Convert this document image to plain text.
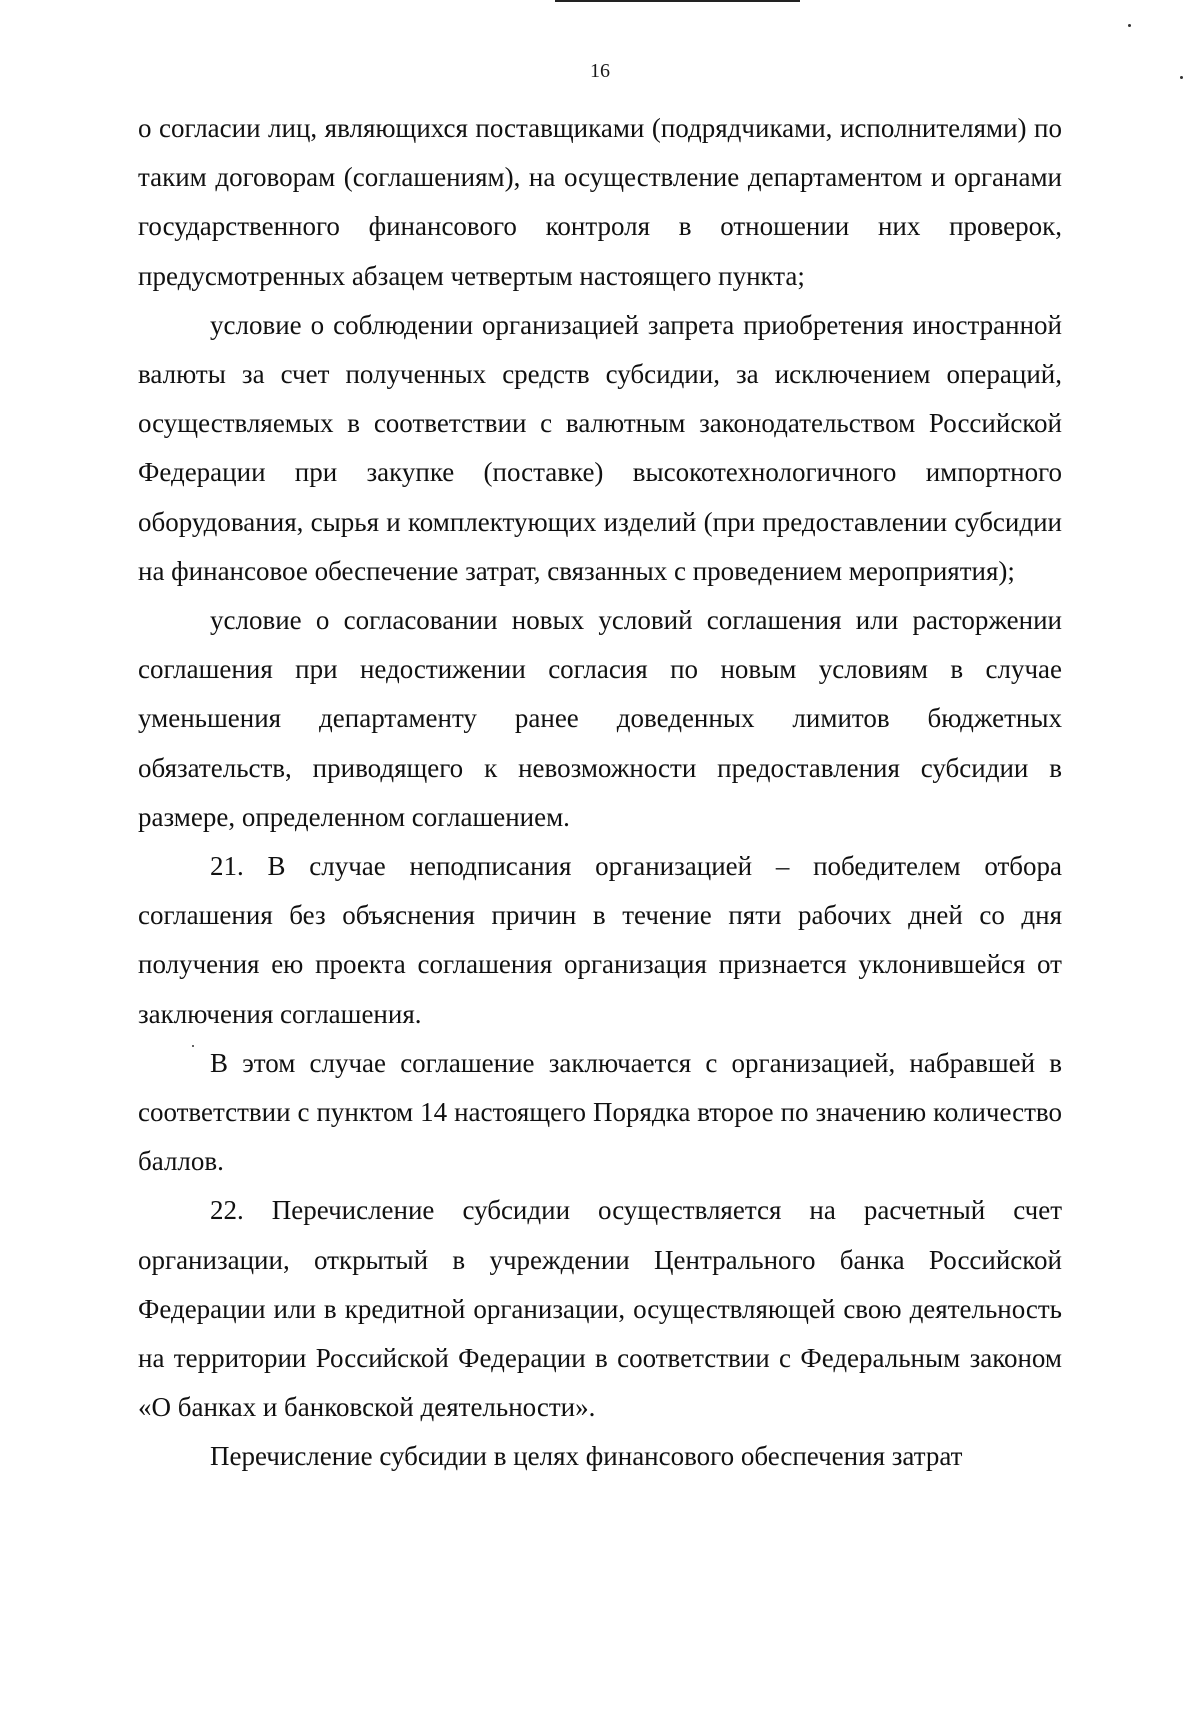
16

о согласии лиц, являющихся поставщиками (подрядчиками, исполнителями) по таким договорам (соглашениям), на осуществление департаментом и органами государственного финансового контроля в отношении них проверок, предусмотренных абзацем четвертым настоящего пункта;

условие о соблюдении организацией запрета приобретения иностранной валюты за счет полученных средств субсидии, за исключением операций, осуществляемых в соответствии с валютным законодательством Российской Федерации при закупке (поставке) высокотехнологичного импортного оборудования, сырья и комплектующих изделий (при предоставлении субсидии на финансовое обеспечение затрат, связанных с проведением мероприятия);

условие о согласовании новых условий соглашения или расторжении соглашения при недостижении согласия по новым условиям в случае уменьшения департаменту ранее доведенных лимитов бюджетных обязательств, приводящего к невозможности предоставления субсидии в размере, определенном соглашением.

21. В случае неподписания организацией – победителем отбора соглашения без объяснения причин в течение пяти рабочих дней со дня получения ею проекта соглашения организация признается уклонившейся от заключения соглашения.

В этом случае соглашение заключается с организацией, набравшей в соответствии с пунктом 14 настоящего Порядка второе по значению количество баллов.

22. Перечисление субсидии осуществляется на расчетный счет организации, открытый в учреждении Центрального банка Российской Федерации или в кредитной организации, осуществляющей свою деятельность на территории Российской Федерации в соответствии с Федеральным законом «О банках и банковской деятельности».

Перечисление субсидии в целях финансового обеспечения затрат
